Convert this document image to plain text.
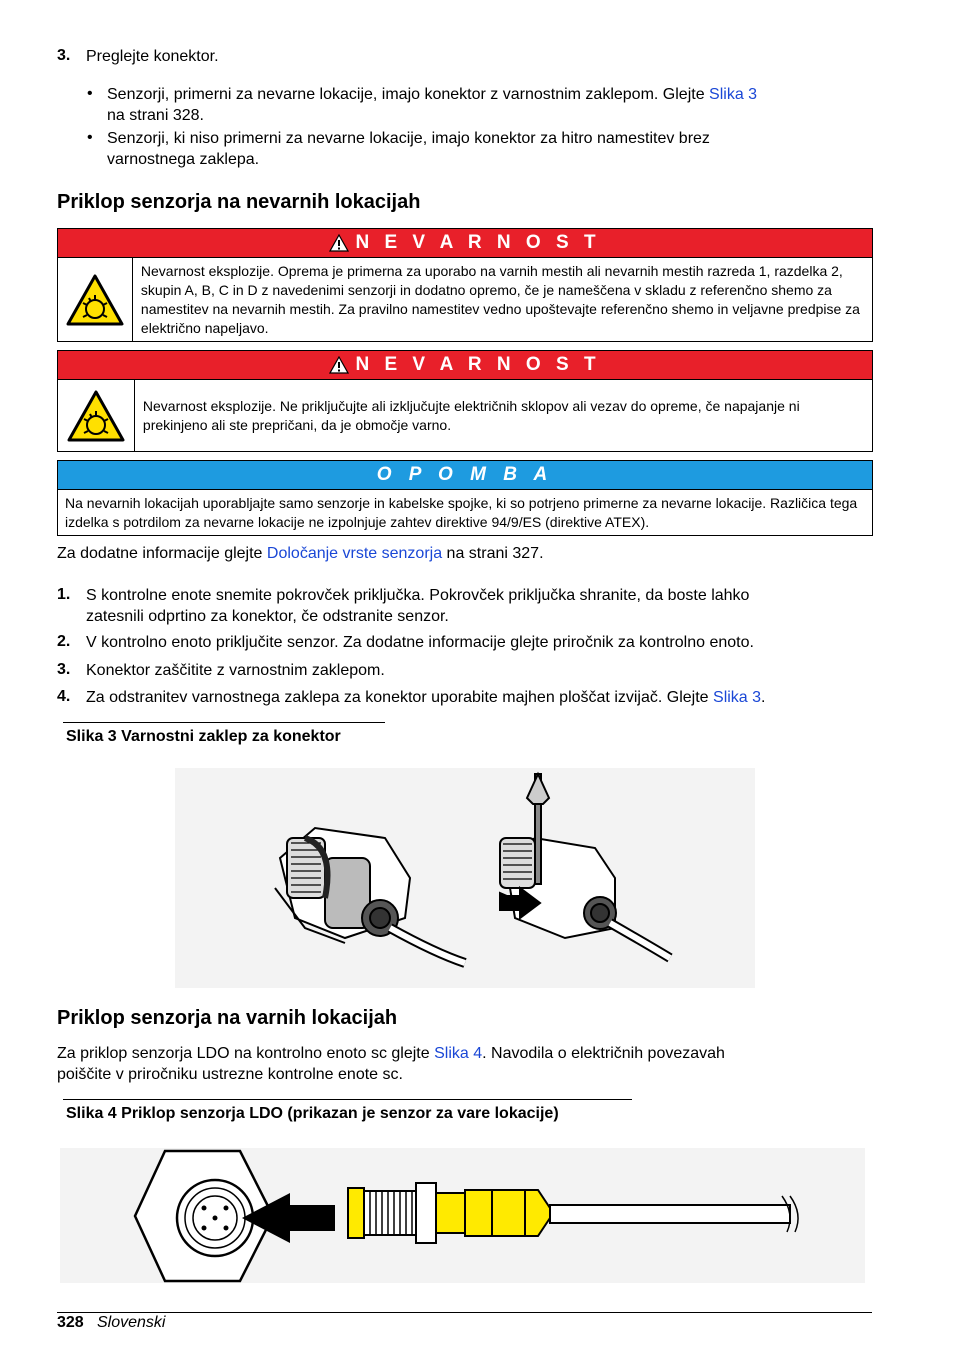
3. Preglejte konektor.
• Senzorji, primerni za nevarne lokacije, imajo konektor z varnostnim zaklepom. Glejte Slika 3
na strani 328.
• Senzorji, ki niso primerni za nevarne lokacije, imajo konektor za hitro namestitev brez
varnostnega zaklepa.
Priklop senzorja na nevarnih lokacijah
N E V A R N O S T
Nevarnost eksplozije. Oprema je primerna za uporabo na varnih mestih ali nevarnih mestih razreda 1, razdelka 2, skupin A, B, C in D z navedenimi senzorji in dodatno opremo, če je nameščena v skladu z referenčno shemo za namestitev na nevarnih mestih. Za pravilno namestitev vedno upoštevajte referenčno shemo in veljavne predpise za električno napeljavo.
N E V A R N O S T
Nevarnost eksplozije. Ne priključujte ali izključujte električnih sklopov ali vezav do opreme, če napajanje ni prekinjeno ali ste prepričani, da je območje varno.
O P O M B A
Na nevarnih lokacijah uporabljajte samo senzorje in kabelske spojke, ki so potrjeno primerne za nevarne lokacije. Različica tega izdelka s potrdilom za nevarne lokacije ne izpolnjuje zahtev direktive 94/9/ES (direktive ATEX).
Za dodatne informacije glejte Določanje vrste senzorja na strani 327.
1. S kontrolne enote snemite pokrovček priključka. Pokrovček priključka shranite, da boste lahko
zatesnili odprtino za konektor, če odstranite senzor.
2. V kontrolno enoto priključite senzor. Za dodatne informacije glejte priročnik za kontrolno enoto.
3. Konektor zaščitite z varnostnim zaklepom.
4. Za odstranitev varnostnega zaklepa za konektor uporabite majhen ploščat izvijač. Glejte Slika 3.
Slika 3 Varnostni zaklep za konektor
Priklop senzorja na varnih lokacijah
Za priklop senzorja LDO na kontrolno enoto sc glejte Slika 4. Navodila o električnih povezavah
poiščite v priročniku ustrezne kontrolne enote sc.
Slika 4 Priklop senzorja LDO (prikazan je senzor za vare lokacije)
328 Slovenski
